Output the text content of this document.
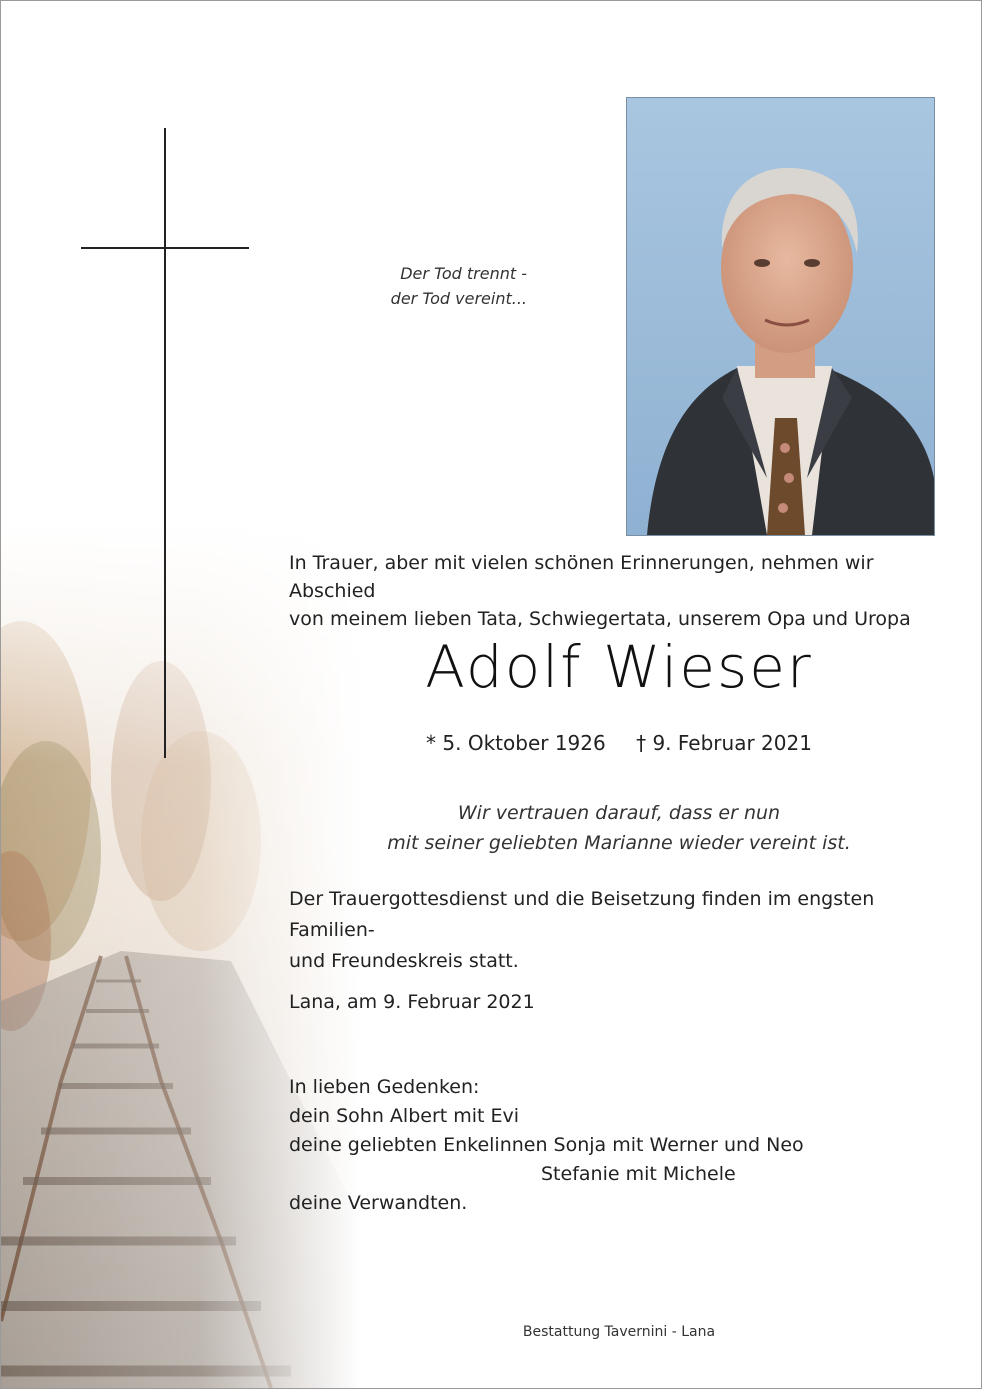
Der Tod trennt -
der Tod vereint...
In Trauer, aber mit vielen schönen Erinnerungen, nehmen wir Abschied
von meinem lieben Tata, Schwiegertata, unserem Opa und Uropa
Adolf Wieser
* 5. Oktober 1926 † 9. Februar 2021
Wir vertrauen darauf, dass er nun
mit seiner geliebten Marianne wieder vereint ist.
Der Trauergottesdienst und die Beisetzung finden im engsten Familien-
und Freundeskreis statt.
Lana, am 9. Februar 2021
In lieben Gedenken:
dein Sohn Albert mit Evi
deine geliebten Enkelinnen Sonja mit Werner und Neo
Stefanie mit Michele
deine Verwandten.
Bestattung Tavernini - Lana
